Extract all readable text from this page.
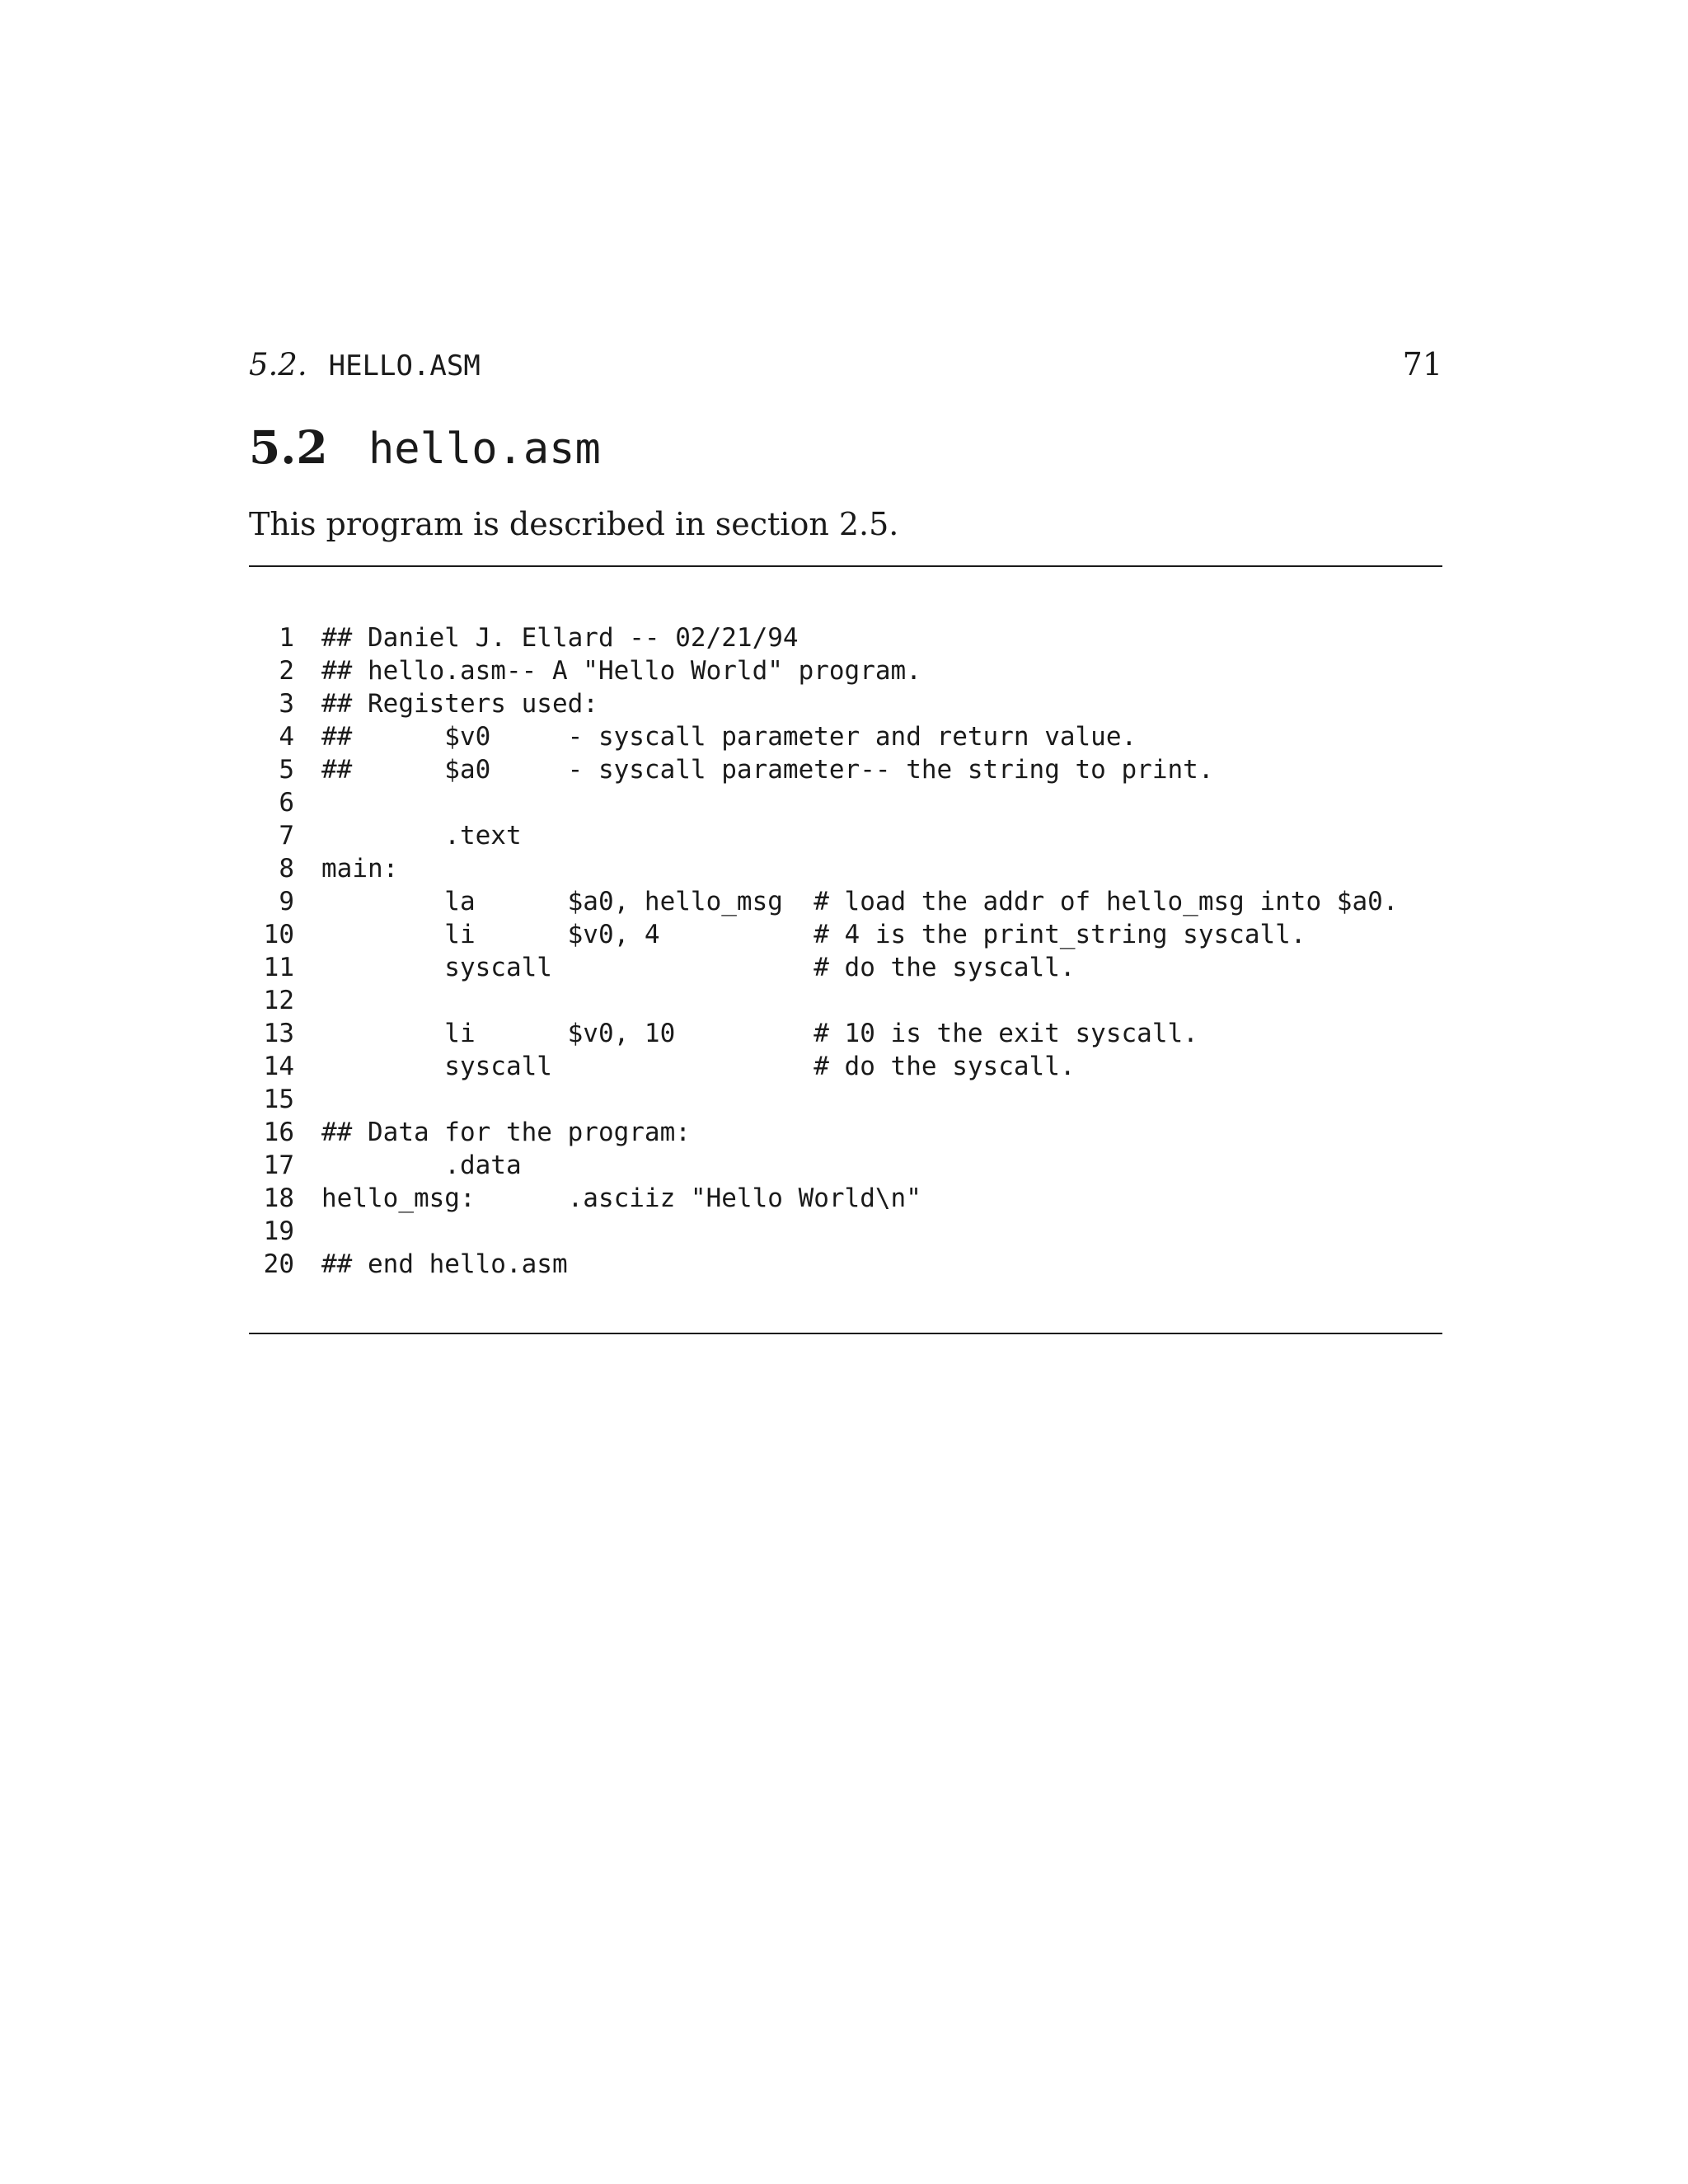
5.2. HELLO.ASM	71
5.2 hello.asm
This program is described in section 2.5.
1 ## Daniel J. Ellard -- 02/21/94
2 ## hello.asm-- A "Hello World" program.
3 ## Registers used:
4 ##      $v0     - syscall parameter and return value.
5 ##      $a0     - syscall parameter-- the string to print.
6
7 .text
8 main:
9 la      $a0, hello_msg  # load the addr of hello_msg into $a0.
10 li      $v0, 4          # 4 is the print_string syscall.
11 syscall                 # do the syscall.
12
13 li      $v0, 10         # 10 is the exit syscall.
14 syscall                 # do the syscall.
15
16 ## Data for the program:
17 .data
18 hello_msg:      .asciiz "Hello World\n"
19
20 ## end hello.asm
